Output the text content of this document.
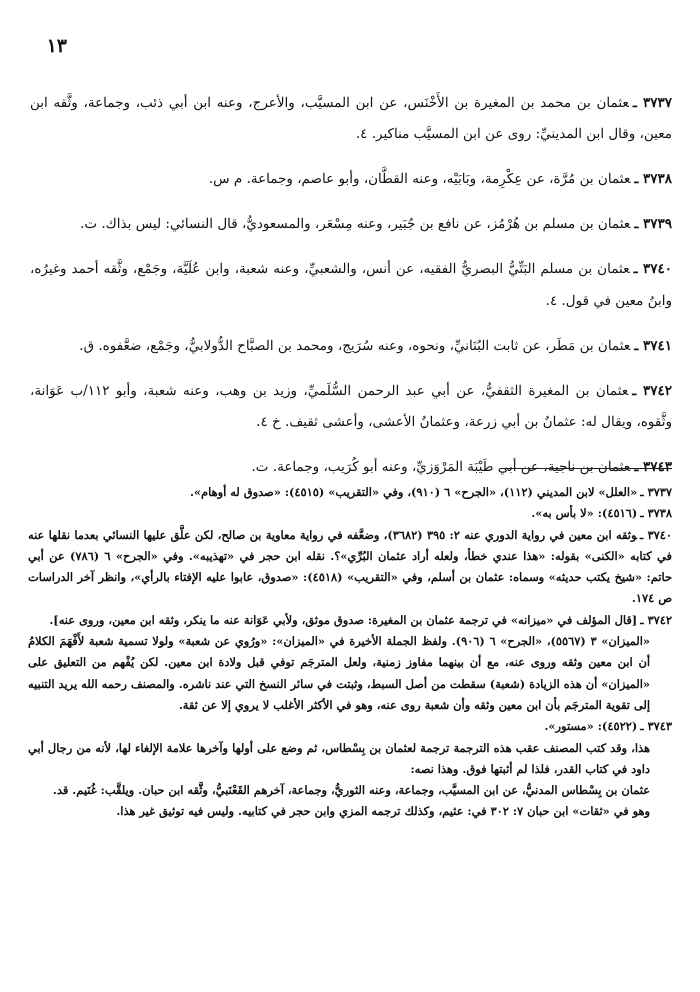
١٣

٣٧٣٧ ـعثمان بن محمد بن المغيرة بن الأَخْنَس، عن ابن المسيَّب، والأعرج، وعنه ابن أبي ذئب، وجماعة، وثَّقه ابن معين، وقال ابن المدينيِّ: روى عن ابن المسيَّب مناكير. ٤.

٣٧٣٨ ـعثمان بن مُرَّة، عن عِكْرِمة، وبَابَيْه، وعنه القطَّان، وأبو عاصم، وجماعة. م س.

٣٧٣٩ ـعثمان بن مسلم بن هُرْمُز، عن نافع بن جُبَير، وعنه مِسْعَر، والمسعوديُّ، قال النسائي: ليس بذاك. ت.

٣٧٤٠ ـعثمان بن مسلم البَتِّيُّ البصريُّ الفقيه، عن أنس، والشعبيِّ، وعنه شعبة، وابن عُلَيَّة، وجَمْع، وثَّقه أحمد وغيرُه، وابنُ معين في قول. ٤.

٣٧٤١ ـعثمان بن مَطَر، عن ثابت البُنَانيِّ، ونحوه، وعنه سُرَيج، ومحمد بن الصبَّاح الدُّولابيُّ، وجَمْع، ضعَّفوه. ق.

٣٧٤٢ ـعثمان بن المغيرة الثقفيُّ، عن أبي عبد الرحمن السُّلَميِّ، وزيد بن وهب، وعنه شعبة، وأبو ١١٢/ب عَوَانة، وثَّقوه، ويقال له: عثمانُ بن أبي زرعة، وعثمانُ الأعشى، وأعشى ثقيف. خ ٤.

٣٧٤٣ ـعثمان بن ناجية، عن أبي طَيْبَة المَرْوَزيِّ، وعنه أبو كُرَيب، وجماعة. ت.

٣٧٣٧ ـ«العلل» لابن المديني (١١٢)، «الجرح» ٦ (٩١٠)، وفي «التقريب» (٤٥١٥): «صدوق له أوهام».

٣٧٣٨ ـ(٤٥١٦): «لا بأس به».

٣٧٤٠ ـوثقه ابن معين في رواية الدوري عنه ٢: ٣٩٥ (٣٦٨٢)، وضعَّفه في رواية معاوية بن صالح، لكن علَّق عليها النسائي بعدما نقلها عنه في كتابه «الكنى» بقوله: «هذا عندي خطأ، ولعله أراد عثمان البُرِّي»؟. نقله ابن حجر في «تهذيبه». وفي «الجرح» ٦ (٧٨٦) عن أبي حاتم: «شيخ يكتب حديثه» وسماه: عثمان بن أسلم، وفي «التقريب» (٤٥١٨): «صدوق، عابوا عليه الإفتاء بالرأي»، وانظر آخر الدراسات ص ١٧٤.

٣٧٤٢ ـ[قال المؤلف في «ميزانه» في ترجمة عثمان بن المغيرة: صدوق موثق، ولأبي عَوَانة عنه ما ينكر، وثقه ابن معين، وروى عنه].

«الميزان» ٣ (٥٥٦٧)، «الجرح» ٦ (٩٠٦). ولفظ الجملة الأخيرة في «الميزان»: «ورُوي عن شعبة» ولولا تسمية شعبة لأَفْهَمَ الكلامُ أن ابن معين وثقه وروى عنه، مع أن بينهما مفاوز زمنية، ولعل المترجَم توفي قبل ولادة ابن معين. لكن يُفْهم من التعليق على «الميزان» أن هذه الزيادة (شعبة) سقطت من أصل السبط، وثبتت في سائر النسخ التي عند ناشره. والمصنف رحمه الله يريد التنبيه إلى تقوية المترجَم بأن ابن معين وثقه وأن شعبة روى عنه، وهو في الأكثر الأغلب لا يروي إلا عن ثقة.

٣٧٤٣ ـ(٤٥٢٢): «مستور».

هذا، وقد كتب المصنف عقب هذه الترجمة ترجمة لعثمان بن بِسْطاس، ثم وضع على أولها وآخرها علامة الإلغاء لها، لأنه من رجال أبي داود في كتاب القدر، فلذا لم أثبتها فوق. وهذا نصه:

عثمان بن بِسْطاس المدنيُّ، عن ابن المسيَّب، وجماعة، وعنه الثوريُّ، وجماعة، آخرهم القَعْنَبيُّ، وثَّقه ابن حبان. ويلقَّب: غُنَيم. قد.

وهو في «ثقات» ابن حبان ٧: ٣٠٢ في: عثيم، وكذلك ترجمه المزي وابن حجر في كتابيه. وليس فيه توثيق غير هذا.
